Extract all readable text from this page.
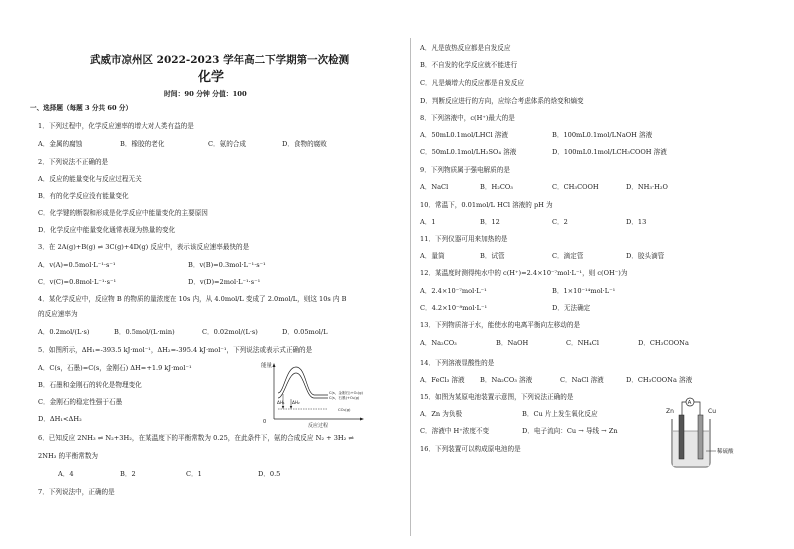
武威市凉州区 2022-2023 学年高二下学期第一次检测
化学
时间：90 分钟 分值：100
一、选择题（每题 3 分共 60 分）
1．下列过程中，化学反应速率的增大对人类有益的是
A．金属的腐蚀	B．橡胶的老化	C．氨的合成	D．食物的腐败
2．下列说法不正确的是
A．反应的能量变化与反应过程无关
B．有的化学反应没有能量变化
C．化学键的断裂和形成是化学反应中能量变化的主要原因
D．化学反应中能量变化通常表现为热量的变化
3．在 2A(g)+B(g) ⇌ 3C(g)+4D(g) 反应中，表示该反应速率最快的是
A．v(A)=0.5mol·L⁻¹·s⁻¹	B．v(B)=0.3mol·L⁻¹·s⁻¹
C．v(C)=0.8mol·L⁻¹·s⁻¹	D．v(D)=2mol·L⁻¹·s⁻¹
4．某化学反应中，反应物 B 的物质的量浓度在 10s 内，从 4.0mol/L 变成了 2.0mol/L，则这 10s 内 B
的反应速率为
A．0.2mol/(L·s)	B．0.5mol/(L·min)	C．0.02mol/(L·s)	D．0.05mol/L
5．如图所示，ΔH₁=-393.5 kJ·mol⁻¹，ΔH₂=-395.4 kJ·mol⁻¹，下列说法或表示式正确的是
A．C(s，石墨)=C(s，金刚石) ΔH=+1.9 kJ·mol⁻¹
B．石墨和金刚石的转化是物理变化
C．金刚石的稳定性强于石墨
D．ΔH₁<ΔH₂
能量
0
反应过程
ΔH₁ ΔH₂
C(s，金刚石)+O₂(g)
C(s，石墨)+O₂(g)
CO₂(g)
6．已知反应 2NH₃ ⇌ N₂+3H₂，在某温度下的平衡常数为 0.25，在此条件下，氨的合成反应 N₂ + 3H₂ ⇌
2NH₃ 的平衡常数为
A．4	B．2	C．1	D．0.5
7．下列说法中，正确的是
A．凡是放热反应都是自发反应
B．不自发的化学反应就不能进行
C．凡是熵增大的反应都是自发反应
D．判断反应进行的方向，应综合考虑体系的焓变和熵变
8．下列溶液中，c(H⁺)最大的是
A．50mL0.1mol/LHCl 溶液	B．100mL0.1mol/LNaOH 溶液
C．50mL0.1mol/LH₂SO₄ 溶液	D．100mL0.1mol/LCH₃COOH 溶液
9．下列物质属于强电解质的是
A．NaCl	B．H₂CO₃	C．CH₃COOH	D．NH₃·H₂O
10．常温下，0.01mol/L HCl 溶液的 pH 为
A．1	B．12	C．2	D．13
11．下列仪器可用来加热的是
A．量筒	B．试管	C．滴定管	D．胶头滴管
12．某温度时测得纯水中的 c(H⁺)=2.4×10⁻⁷mol·L⁻¹，则 c(OH⁻)为
A．2.4×10⁻⁷mol·L⁻¹	B．1×10⁻¹⁴mol·L⁻¹
C．4.2×10⁻⁸mol·L⁻¹	D．无法确定
13．下列物质溶于水，能使水的电离平衡向左移动的是
A．Na₂CO₃	B．NaOH	C．NH₄Cl	D．CH₃COONa
14．下列溶液显酸性的是
A．FeCl₃ 溶液 B．Na₂CO₃ 溶液	C．NaCl 溶液	D．CH₃COONa 溶液
15．如图为某原电池装置示意图，下列说法正确的是
A．Zn 为负极	B．Cu 片上发生氧化反应
C．溶液中 H⁺浓度不变	D．电子流向：Cu → 导线 → Zn
16．下列装置可以构成原电池的是
Zn	Cu
A
稀硫酸
